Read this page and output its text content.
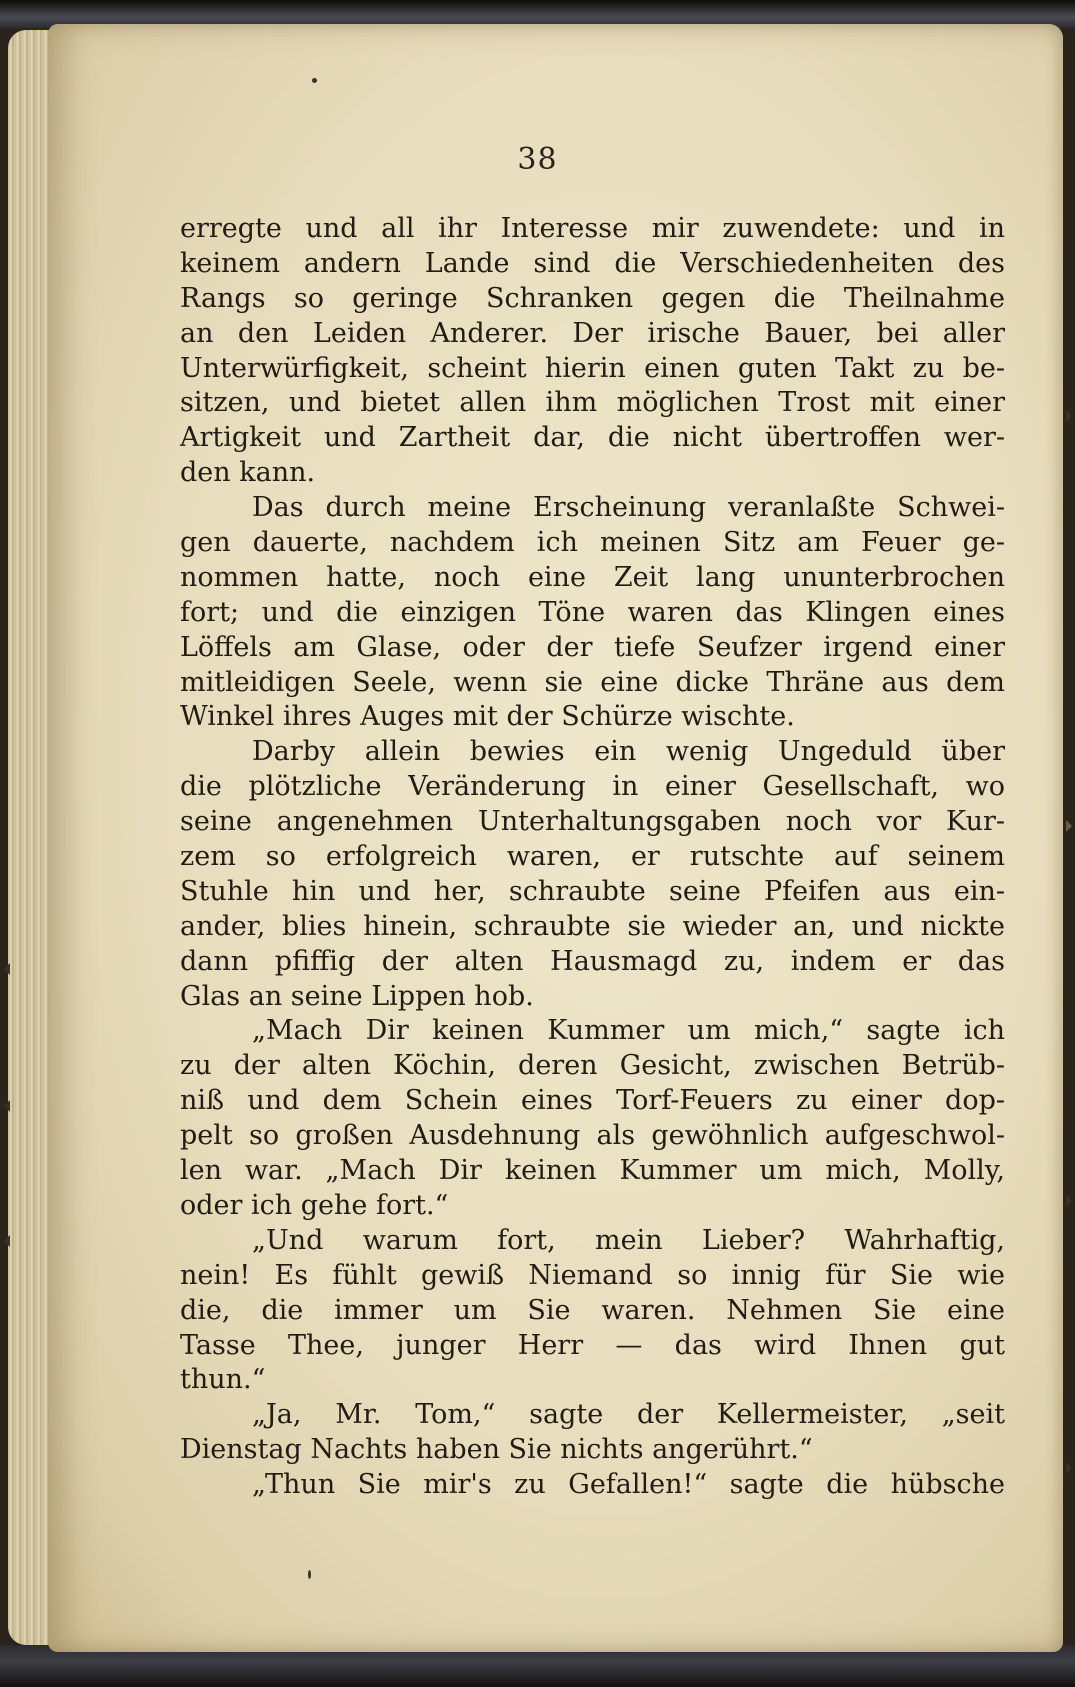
38
erregte und all ihr Interesse mir zuwendete: und in
keinem andern Lande sind die Verschiedenheiten des
Rangs so geringe Schranken gegen die Theilnahme
an den Leiden Anderer. Der irische Bauer, bei aller
Unterwürfigkeit, scheint hierin einen guten Takt zu be-
sitzen, und bietet allen ihm möglichen Trost mit einer
Artigkeit und Zartheit dar, die nicht übertroffen wer-
den kann.
Das durch meine Erscheinung veranlaßte Schwei-
gen dauerte, nachdem ich meinen Sitz am Feuer ge-
nommen hatte, noch eine Zeit lang ununterbrochen
fort; und die einzigen Töne waren das Klingen eines
Löffels am Glase, oder der tiefe Seufzer irgend einer
mitleidigen Seele, wenn sie eine dicke Thräne aus dem
Winkel ihres Auges mit der Schürze wischte.
Darby allein bewies ein wenig Ungeduld über
die plötzliche Veränderung in einer Gesellschaft, wo
seine angenehmen Unterhaltungsgaben noch vor Kur-
zem so erfolgreich waren, er rutschte auf seinem
Stuhle hin und her, schraubte seine Pfeifen aus ein-
ander, blies hinein, schraubte sie wieder an, und nickte
dann pfiffig der alten Hausmagd zu, indem er das
Glas an seine Lippen hob.
„Mach Dir keinen Kummer um mich,“ sagte ich
zu der alten Köchin, deren Gesicht, zwischen Betrüb-
niß und dem Schein eines Torf-Feuers zu einer dop-
pelt so großen Ausdehnung als gewöhnlich aufgeschwol-
len war. „Mach Dir keinen Kummer um mich, Molly,
oder ich gehe fort.“
„Und warum fort, mein Lieber? Wahrhaftig,
nein! Es fühlt gewiß Niemand so innig für Sie wie
die, die immer um Sie waren. Nehmen Sie eine
Tasse Thee, junger Herr — das wird Ihnen gut
thun.“
„Ja, Mr. Tom,“ sagte der Kellermeister, „seit
Dienstag Nachts haben Sie nichts angerührt.“
„Thun Sie mir's zu Gefallen!“ sagte die hübsche
